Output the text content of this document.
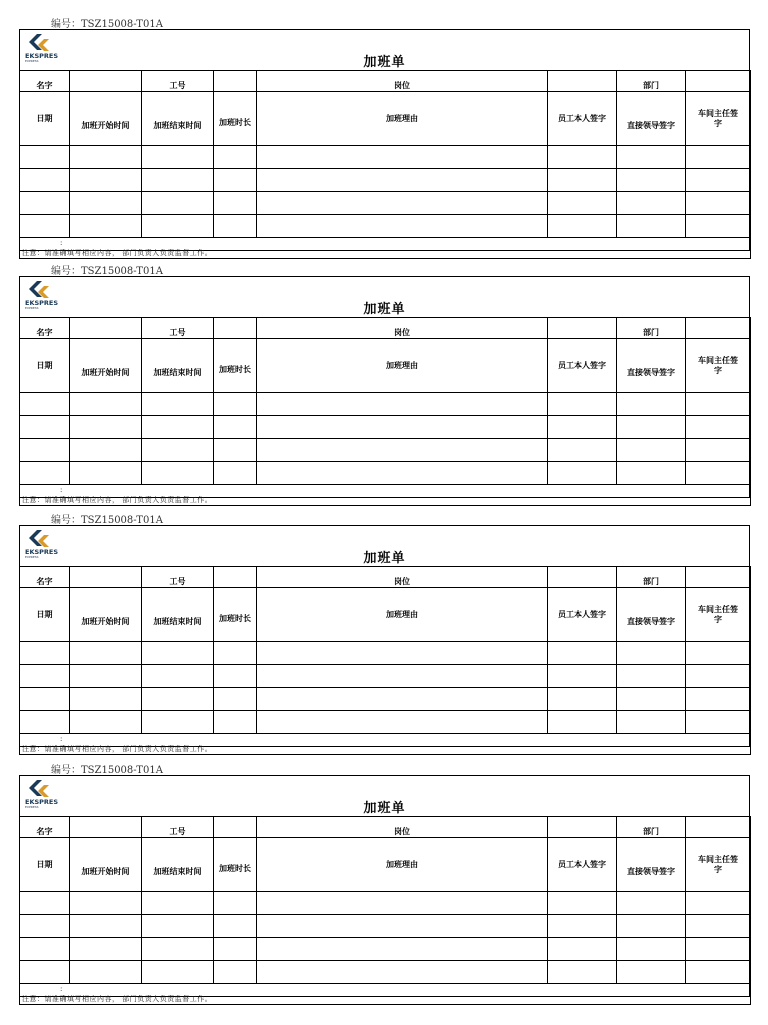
编号：TSZ15008-T01A
EKSPRES
EXPRESS	加班单
名字		工号		岗位		部门	
日期	加班开始时间	加班结束时间	加班时长	加班理由	员工本人签字	直接领导签字	车间主任签字

:
注意：请准确填写相应内容， 部门负责人负责监督工作。							
编号：TSZ15008-T01A
EKSPRES
EXPRESS	加班单
名字		工号		岗位		部门	
日期	加班开始时间	加班结束时间	加班时长	加班理由	员工本人签字	直接领导签字	车间主任签字

:
注意：请准确填写相应内容， 部门负责人负责监督工作。							
编号：TSZ15008-T01A
EKSPRES
EXPRESS	加班单
名字		工号		岗位		部门	
日期	加班开始时间	加班结束时间	加班时长	加班理由	员工本人签字	直接领导签字	车间主任签字

:
注意：请准确填写相应内容， 部门负责人负责监督工作。							
编号：TSZ15008-T01A
EKSPRES
EXPRESS	加班单
名字		工号		岗位		部门	
日期	加班开始时间	加班结束时间	加班时长	加班理由	员工本人签字	直接领导签字	车间主任签字

:
注意：请准确填写相应内容， 部门负责人负责监督工作。							
